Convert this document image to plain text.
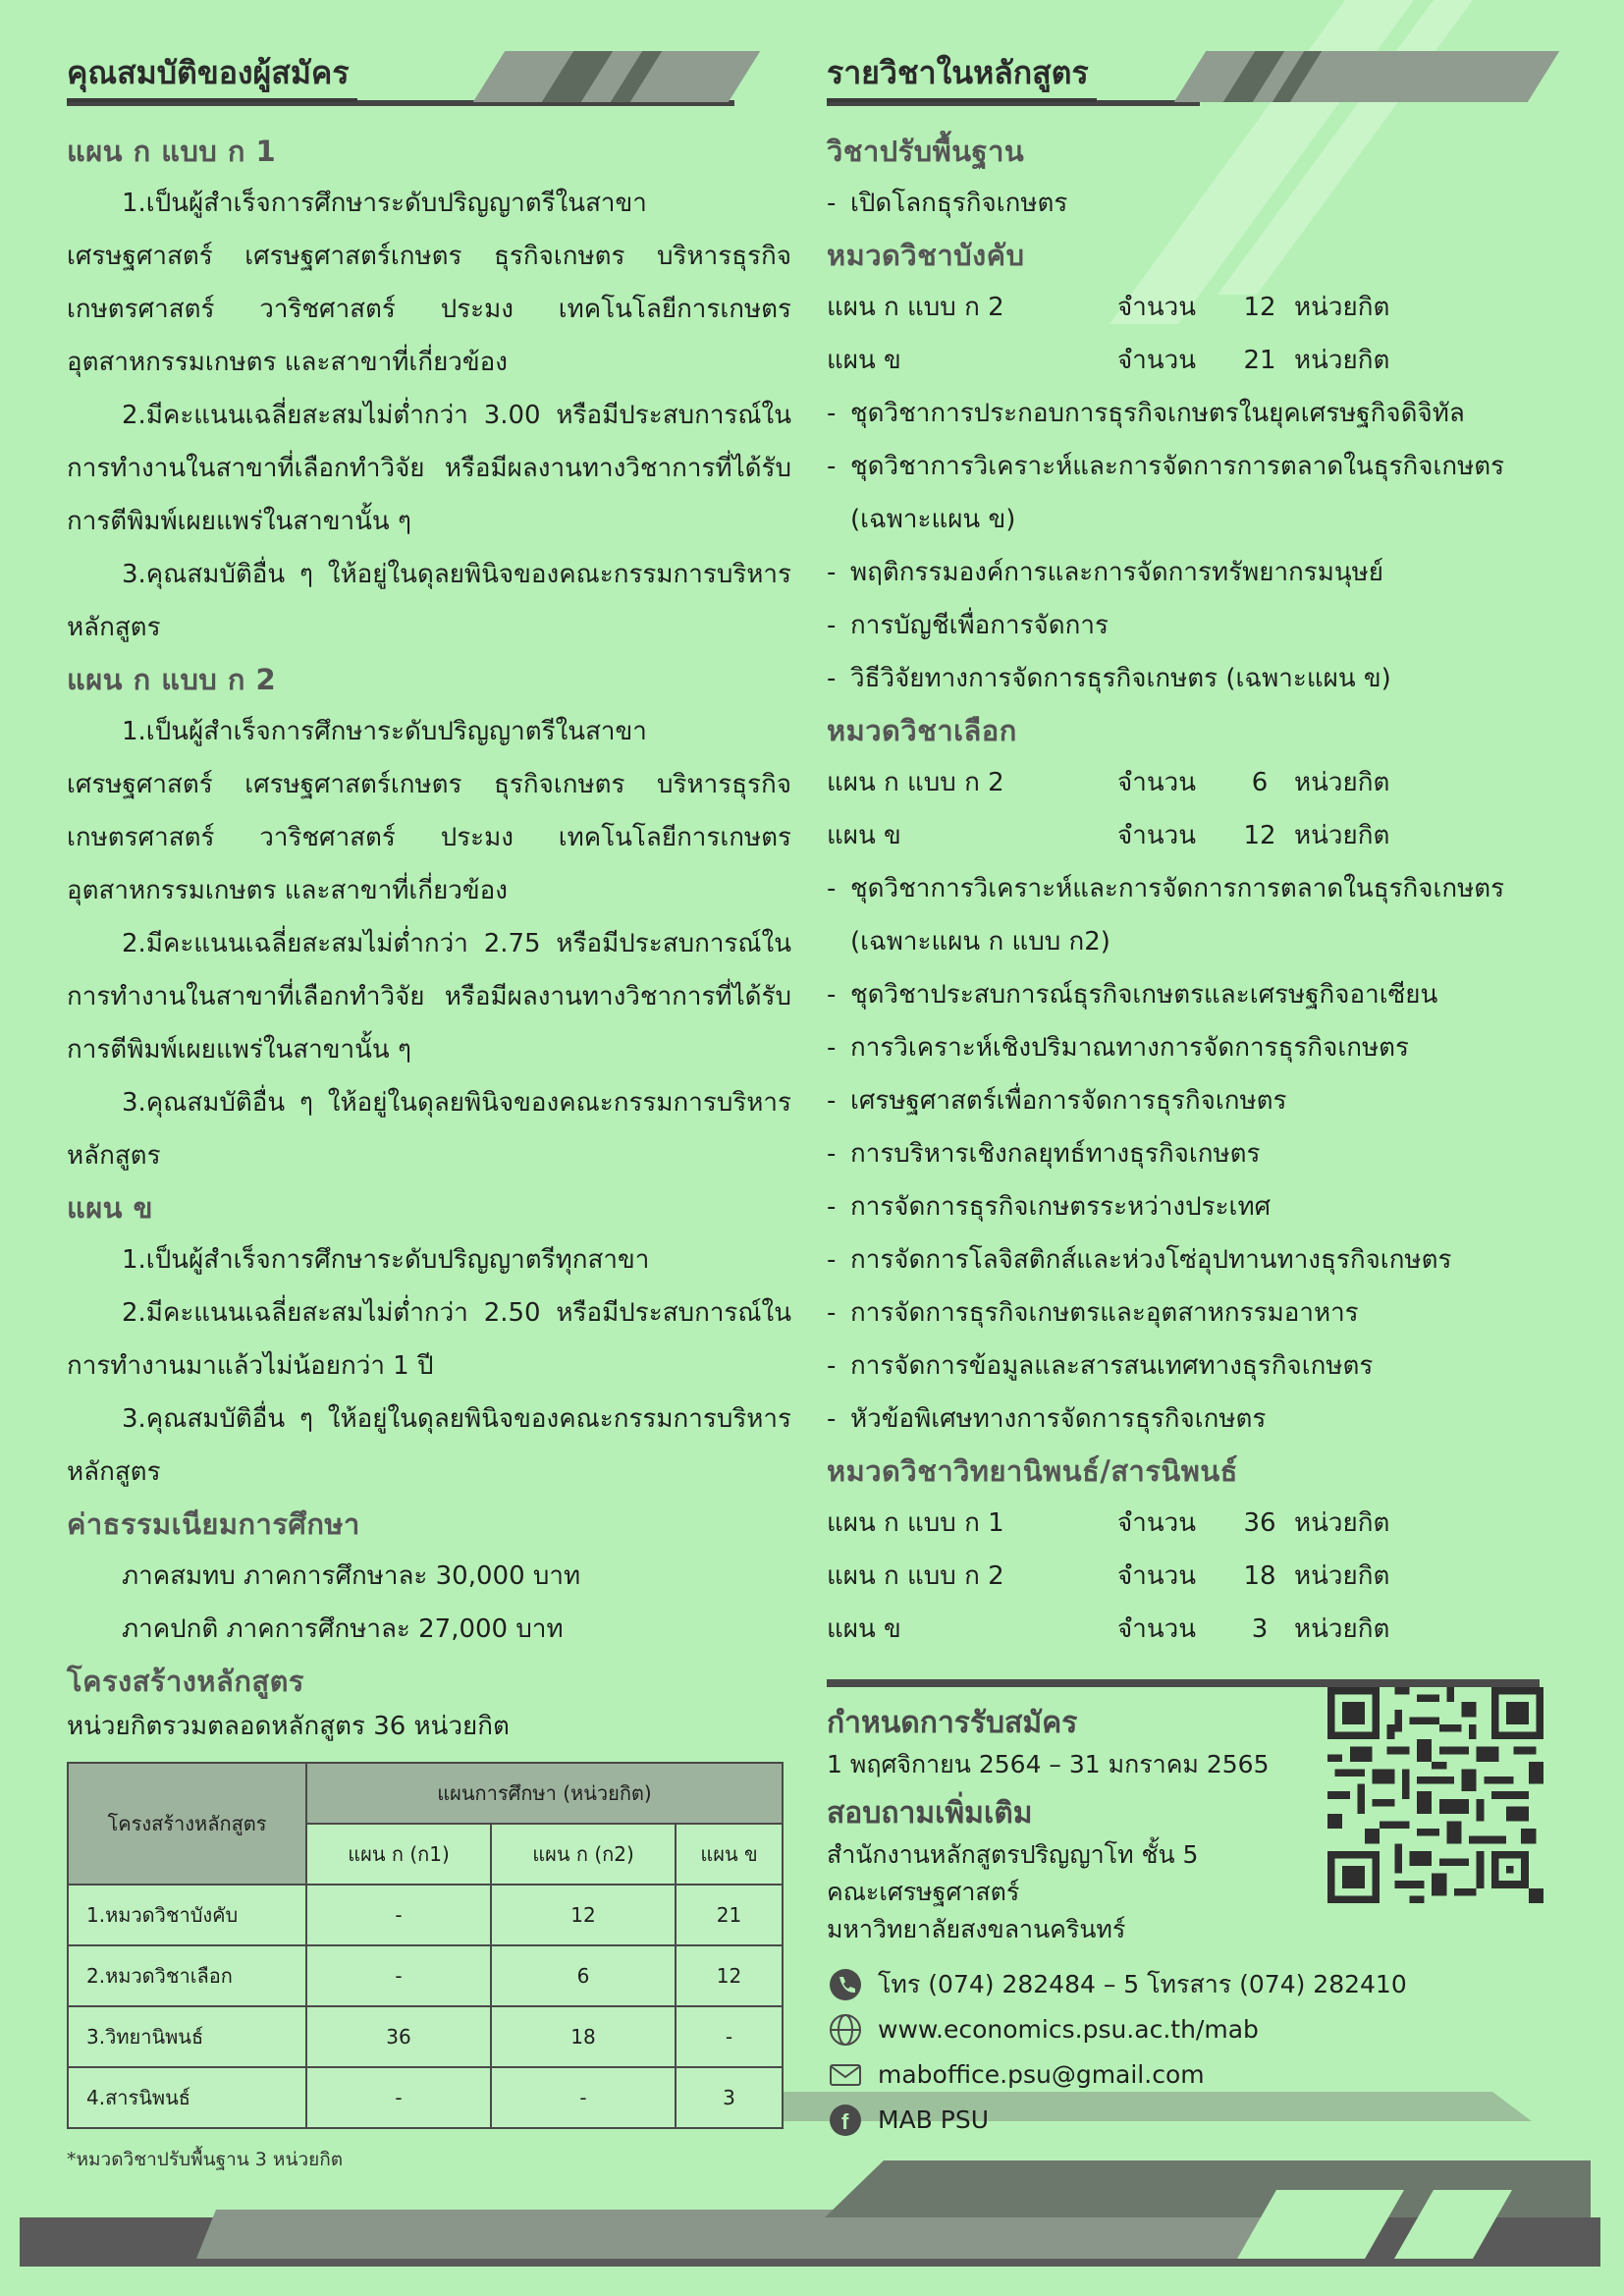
คุณสมบัติของผู้สมัคร
แผน ก แบบ ก 1
1.เป็นผู้สำเร็จการศึกษาระดับปริญญาตรีในสาขาเศรษฐศาสตร์ เศรษฐศาสตร์เกษตร ธุรกิจเกษตร บริหารธุรกิจเกษตรศาสตร์ วาริชศาสตร์ ประมง เทคโนโลยีการเกษตรอุตสาหกรรมเกษตร และสาขาที่เกี่ยวข้อง
2.มีคะแนนเฉลี่ยสะสมไม่ต่ำกว่า 3.00 หรือมีประสบการณ์ในการทำงานในสาขาที่เลือกทำวิจัย หรือมีผลงานทางวิชาการที่ได้รับการตีพิมพ์เผยแพร่ในสาขานั้น ๆ
3.คุณสมบัติอื่น ๆ ให้อยู่ในดุลยพินิจของคณะกรรมการบริหารหลักสูตร
แผน ก แบบ ก 2
1.เป็นผู้สำเร็จการศึกษาระดับปริญญาตรีในสาขาเศรษฐศาสตร์ เศรษฐศาสตร์เกษตร ธุรกิจเกษตร บริหารธุรกิจเกษตรศาสตร์ วาริชศาสตร์ ประมง เทคโนโลยีการเกษตรอุตสาหกรรมเกษตร และสาขาที่เกี่ยวข้อง
2.มีคะแนนเฉลี่ยสะสมไม่ต่ำกว่า 2.75 หรือมีประสบการณ์ในการทำงานในสาขาที่เลือกทำวิจัย หรือมีผลงานทางวิชาการที่ได้รับการตีพิมพ์เผยแพร่ในสาขานั้น ๆ
3.คุณสมบัติอื่น ๆ ให้อยู่ในดุลยพินิจของคณะกรรมการบริหารหลักสูตร
แผน ข
1.เป็นผู้สำเร็จการศึกษาระดับปริญญาตรีทุกสาขา
2.มีคะแนนเฉลี่ยสะสมไม่ต่ำกว่า 2.50 หรือมีประสบการณ์ในการทำงานมาแล้วไม่น้อยกว่า 1 ปี
3.คุณสมบัติอื่น ๆ ให้อยู่ในดุลยพินิจของคณะกรรมการบริหารหลักสูตร
ค่าธรรมเนียมการศึกษา
ภาคสมทบ ภาคการศึกษาละ 30,000 บาท
ภาคปกติ ภาคการศึกษาละ 27,000 บาท
โครงสร้างหลักสูตร
หน่วยกิตรวมตลอดหลักสูตร 36 หน่วยกิต
โครงสร้างหลักสูตร	แผนการศึกษา (หน่วยกิต)		
	แผน ก (ก1)	แผน ก (ก2)	แผน ข
1.หมวดวิชาบังคับ	-	12	21
2.หมวดวิชาเลือก	-	6	12
3.วิทยานิพนธ์	36	18	-
4.สารนิพนธ์	-	-	3
*หมวดวิชาปรับพื้นฐาน 3 หน่วยกิต
รายวิชาในหลักสูตร
วิชาปรับพื้นฐาน
- เปิดโลกธุรกิจเกษตร
หมวดวิชาบังคับ
แผน ก แบบ ก 2	จำนวน	12 หน่วยกิต
แผน ข	จำนวน	21 หน่วยกิต
- ชุดวิชาการประกอบการธุรกิจเกษตรในยุคเศรษฐกิจดิจิทัล
- ชุดวิชาการวิเคราะห์และการจัดการการตลาดในธุรกิจเกษตร
(เฉพาะแผน ข)
- พฤติกรรมองค์การและการจัดการทรัพยากรมนุษย์
- การบัญชีเพื่อการจัดการ
- วิธีวิจัยทางการจัดการธุรกิจเกษตร (เฉพาะแผน ข)
หมวดวิชาเลือก
แผน ก แบบ ก 2	จำนวน	6	หน่วยกิต
แผน ข	จำนวน	12 หน่วยกิต
- ชุดวิชาการวิเคราะห์และการจัดการการตลาดในธุรกิจเกษตร
(เฉพาะแผน ก แบบ ก2)
- ชุดวิชาประสบการณ์ธุรกิจเกษตรและเศรษฐกิจอาเซียน
- การวิเคราะห์เชิงปริมาณทางการจัดการธุรกิจเกษตร
- เศรษฐศาสตร์เพื่อการจัดการธุรกิจเกษตร
- การบริหารเชิงกลยุทธ์ทางธุรกิจเกษตร
- การจัดการธุรกิจเกษตรระหว่างประเทศ
- การจัดการโลจิสติกส์และห่วงโซ่อุปทานทางธุรกิจเกษตร
- การจัดการธุรกิจเกษตรและอุตสาหกรรมอาหาร
- การจัดการข้อมูลและสารสนเทศทางธุรกิจเกษตร
- หัวข้อพิเศษทางการจัดการธุรกิจเกษตร
หมวดวิชาวิทยานิพนธ์/สารนิพนธ์
แผน ก แบบ ก 1	จำนวน	36 หน่วยกิต
แผน ก แบบ ก 2	จำนวน	18 หน่วยกิต
แผน ข	จำนวน	3	หน่วยกิต
กำหนดการรับสมัคร
1 พฤศจิกายน 2564 – 31 มกราคม 2565
สอบถามเพิ่มเติม
สำนักงานหลักสูตรปริญญาโท ชั้น 5
คณะเศรษฐศาสตร์
มหาวิทยาลัยสงขลานครินทร์
โทร (074) 282484 – 5 โทรสาร (074) 282410
www.economics.psu.ac.th/mab
maboffice.psu@gmail.com
f MAB PSU
